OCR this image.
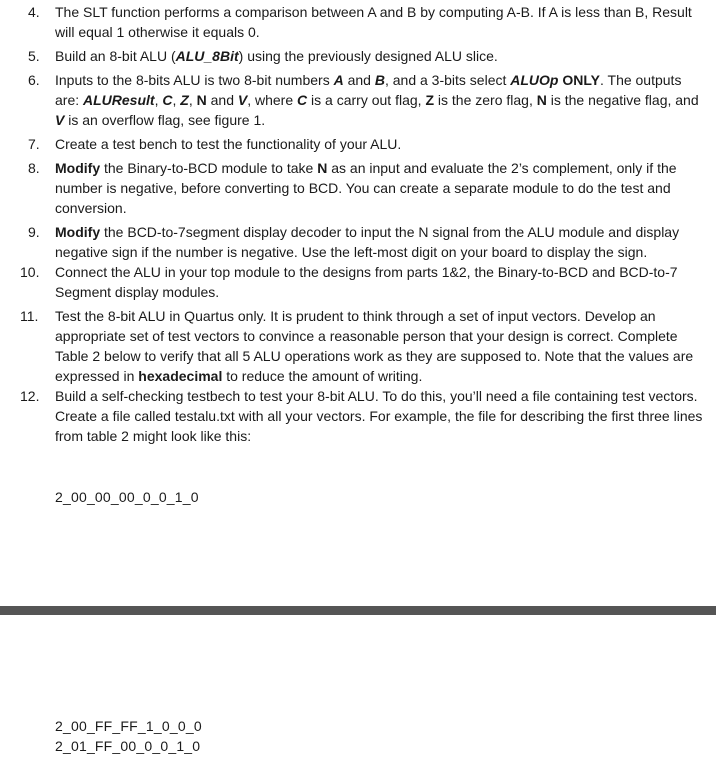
4. The SLT function performs a comparison between A and B by computing A-B. If A is less than B, Result will equal 1 otherwise it equals 0.
5. Build an 8-bit ALU (ALU_8Bit) using the previously designed ALU slice.
6. Inputs to the 8-bits ALU is two 8-bit numbers A and B, and a 3-bits select ALUOp ONLY. The outputs are: ALUResult, C, Z, N and V, where C is a carry out flag, Z is the zero flag, N is the negative flag, and V is an overflow flag, see figure 1.
7. Create a test bench to test the functionality of your ALU.
8. Modify the Binary-to-BCD module to take N as an input and evaluate the 2’s complement, only if the number is negative, before converting to BCD. You can create a separate module to do the test and conversion.
9. Modify the BCD-to-7segment display decoder to input the N signal from the ALU module and display negative sign if the number is negative. Use the left-most digit on your board to display the sign.
10. Connect the ALU in your top module to the designs from parts 1&2, the Binary-to-BCD and BCD-to-7 Segment display modules.
11. Test the 8-bit ALU in Quartus only. It is prudent to think through a set of input vectors. Develop an appropriate set of test vectors to convince a reasonable person that your design is correct. Complete Table 2 below to verify that all 5 ALU operations work as they are supposed to. Note that the values are expressed in hexadecimal to reduce the amount of writing.
12. Build a self-checking testbech to test your 8-bit ALU. To do this, you’ll need a file containing test vectors. Create a file called testalu.txt with all your vectors. For example, the file for describing the first three lines from table 2 might look like this:
2_00_00_00_0_0_1_0
2_00_FF_FF_1_0_0_0
2_01_FF_00_0_0_1_0
